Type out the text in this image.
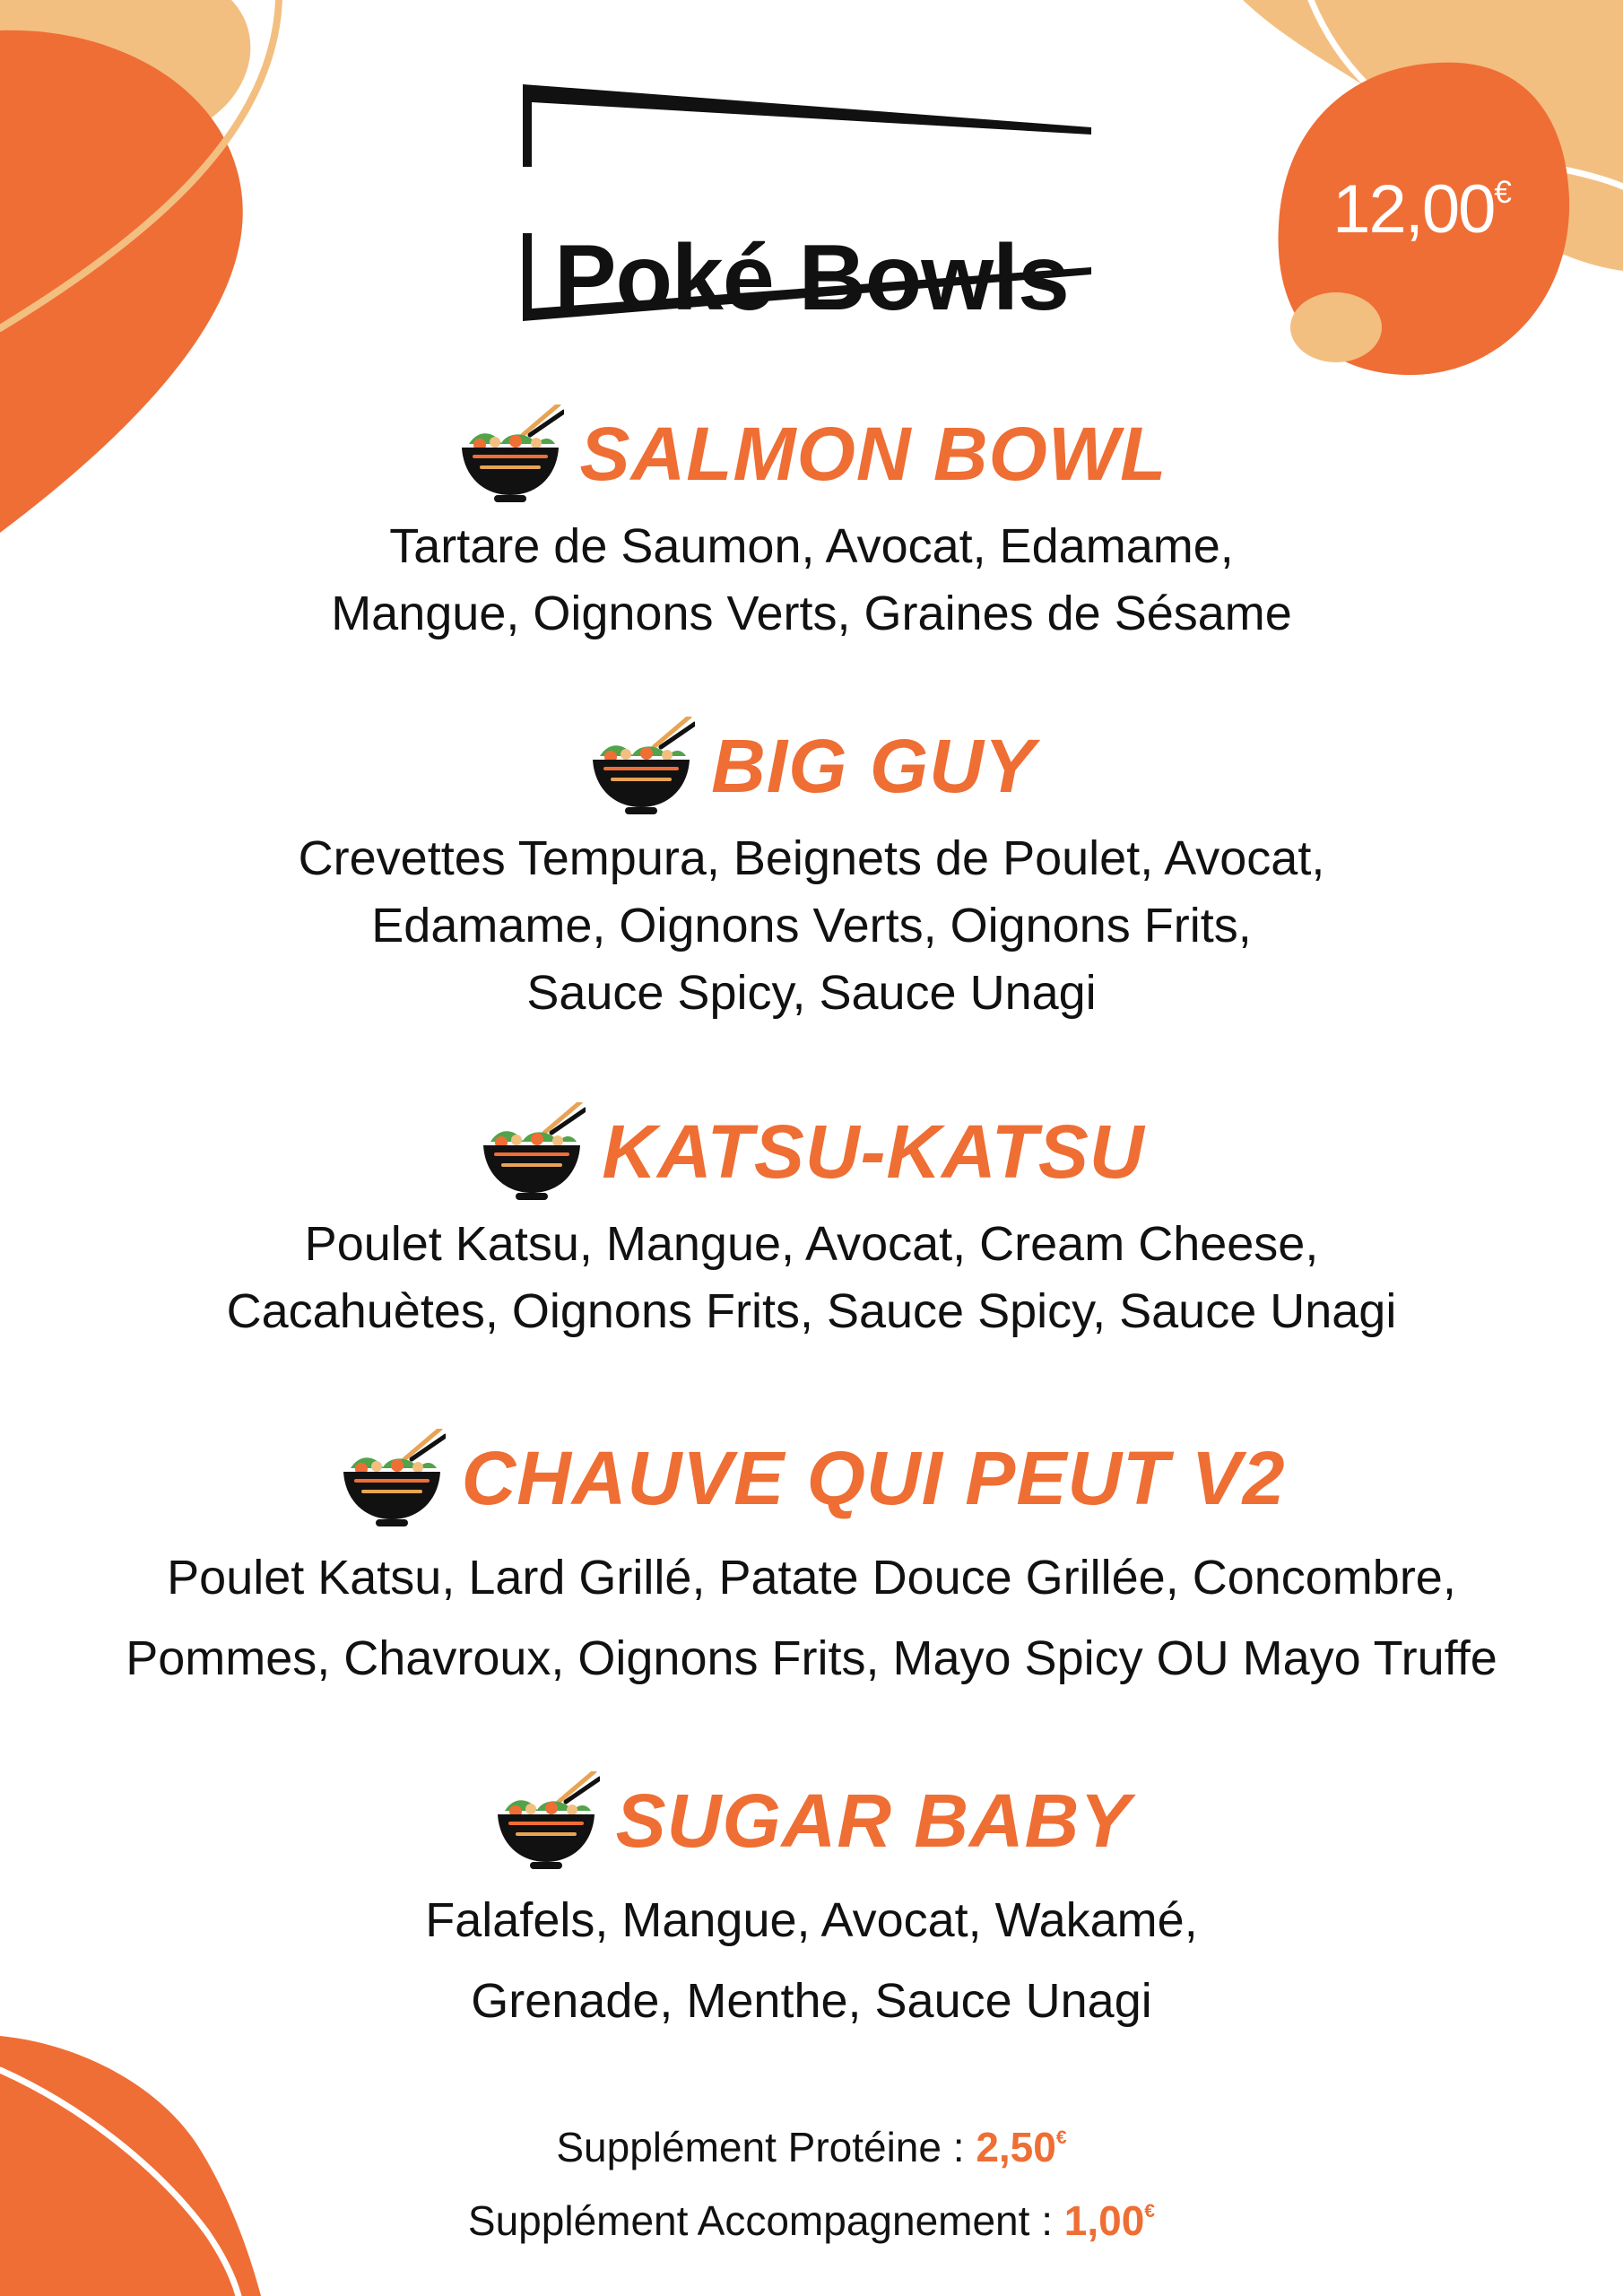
Poké Bowls
12,00€
SALMON BOWL
Tartare de Saumon, Avocat, Edamame,
Mangue, Oignons Verts, Graines de Sésame
BIG GUY
Crevettes Tempura, Beignets de Poulet, Avocat,
Edamame, Oignons Verts, Oignons Frits,
Sauce Spicy, Sauce Unagi
KATSU-KATSU
Poulet Katsu, Mangue, Avocat, Cream Cheese,
Cacahuètes, Oignons Frits, Sauce Spicy, Sauce Unagi
CHAUVE QUI PEUT V2
Poulet Katsu, Lard Grillé, Patate Douce Grillée, Concombre,
Pommes, Chavroux, Oignons Frits, Mayo Spicy OU Mayo Truffe
SUGAR BABY
Falafels, Mangue, Avocat, Wakamé,
Grenade, Menthe, Sauce Unagi
Supplément Protéine : 2,50€
Supplément Accompagnement : 1,00€
